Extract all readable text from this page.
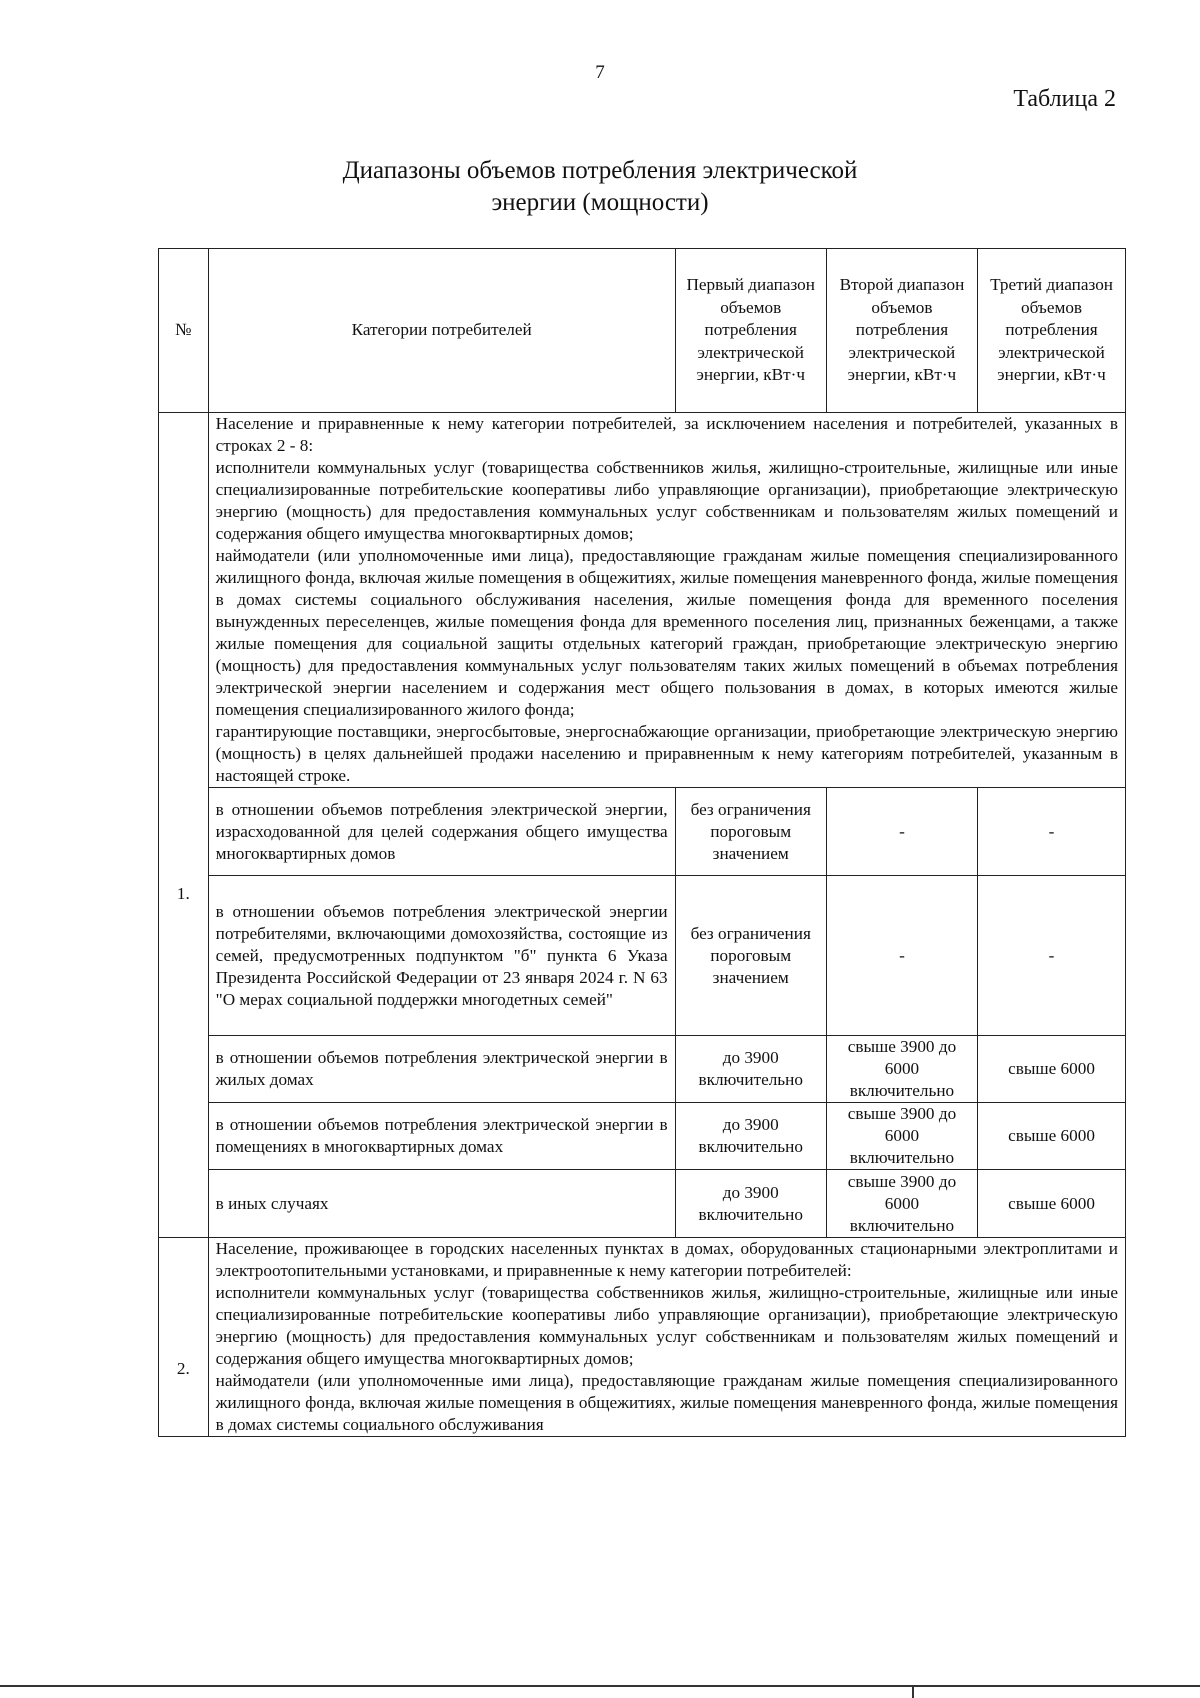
7
Таблица 2
Диапазоны объемов потребления электрической
энергии (мощности)
№	Категории потребителей	Первый диапазон объемов потребления электрической энергии, кВт·ч	Второй диапазон объемов потребления электрической энергии, кВт·ч	Третий диапазон объемов потребления электрической энергии, кВт·ч
1.	Население и приравненные к нему категории потребителей, за исключением населения и потребителей, указанных в строках 2 - 8:

исполнители коммунальных услуг (товарищества собственников жилья, жилищно-строительные, жилищные или иные специализированные потребительские кооперативы либо управляющие организации), приобретающие электрическую энергию (мощность) для предоставления коммунальных услуг собственникам и пользователям жилых помещений и содержания общего имущества многоквартирных домов;

наймодатели (или уполномоченные ими лица), предоставляющие гражданам жилые помещения специализированного жилищного фонда, включая жилые помещения в общежитиях, жилые помещения маневренного фонда, жилые помещения в домах системы социального обслуживания населения, жилые помещения фонда для временного поселения вынужденных переселенцев, жилые помещения фонда для временного поселения лиц, признанных беженцами, а также жилые помещения для социальной защиты отдельных категорий граждан, приобретающие электрическую энергию (мощность) для предоставления коммунальных услуг пользователям таких жилых помещений в объемах потребления электрической энергии населением и содержания мест общего пользования в домах, в которых имеются жилые помещения специализированного жилого фонда;

гарантирующие поставщики, энергосбытовые, энергоснабжающие организации, приобретающие электрическую энергию (мощность) в целях дальнейшей продажи населению и приравненным к нему категориям потребителей, указанным в настоящей строке.			

	в отношении объемов потребления электрической энергии, израсходованной для целей содержания общего имущества многоквартирных домов	без ограничения пороговым значением	-	-
	в отношении объемов потребления электрической энергии потребителями, включающими домохозяйства, состоящие из семей, предусмотренных подпунктом "б" пункта 6 Указа Президента Российской Федерации от 23 января 2024 г. N 63 "О мерах социальной поддержки многодетных семей"	без ограничения пороговым значением	-	-
	в отношении объемов потребления электрической энергии в жилых домах	до 3900 включительно	свыше 3900 до 6000 включительно	свыше 6000
	в отношении объемов потребления электрической энергии в помещениях в многоквартирных домах	до 3900 включительно	свыше 3900 до 6000 включительно	свыше 6000
	в иных случаях	до 3900 включительно	свыше 3900 до 6000 включительно	свыше 6000
2.	Население, проживающее в городских населенных пунктах в домах, оборудованных стационарными электроплитами и электроотопительными установками, и приравненные к нему категории потребителей:

исполнители коммунальных услуг (товарищества собственников жилья, жилищно-строительные, жилищные или иные специализированные потребительские кооперативы либо управляющие организации), приобретающие электрическую энергию (мощность) для предоставления коммунальных услуг собственникам и пользователям жилых помещений и содержания общего имущества многоквартирных домов;

наймодатели (или уполномоченные ими лица), предоставляющие гражданам жилые помещения специализированного жилищного фонда, включая жилые помещения в общежитиях, жилые помещения маневренного фонда, жилые помещения в домах системы социального обслуживания			
